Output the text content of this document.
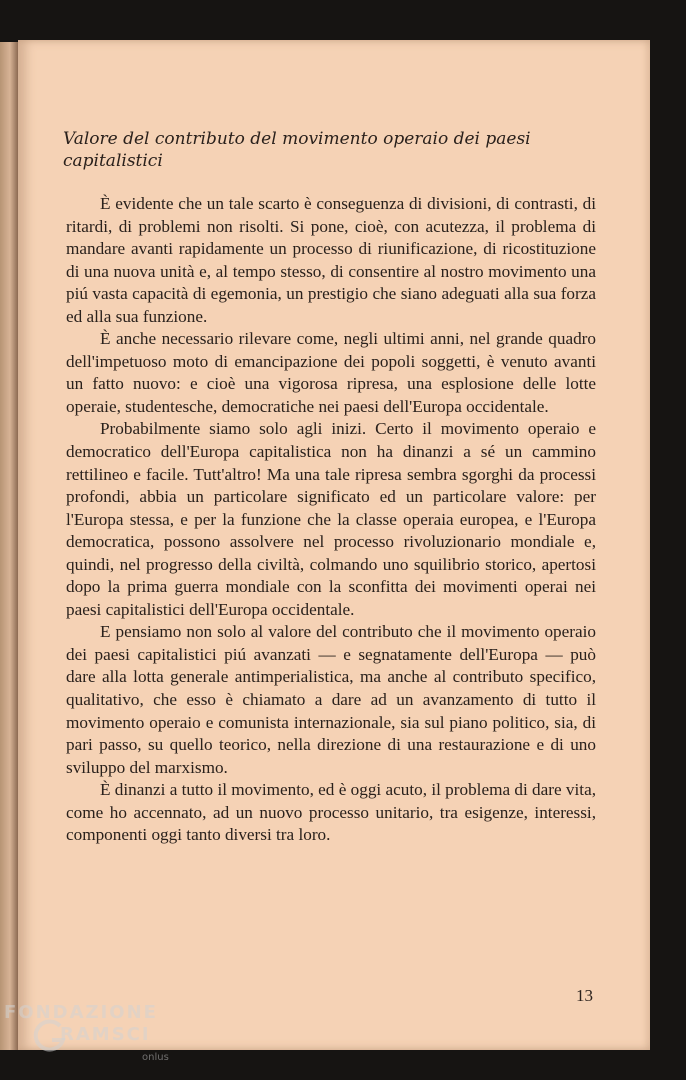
Valore del contributo del movimento operaio dei paesi capitalistici

È evidente che un tale scarto è conseguenza di divisioni, di contrasti, di ritardi, di problemi non risolti. Si pone, cioè, con acutezza, il problema di mandare avanti rapidamente un processo di riunificazione, di ricostituzione di una nuova unità e, al tempo stesso, di consentire al nostro movimento una piú vasta capacità di egemonia, un prestigio che siano adeguati alla sua forza ed alla sua funzione.

È anche necessario rilevare come, negli ultimi anni, nel grande quadro dell'impetuoso moto di emancipazione dei popoli soggetti, è venuto avanti un fatto nuovo: e cioè una vigorosa ripresa, una esplosione delle lotte operaie, studentesche, democratiche nei paesi dell'Europa occidentale.

Probabilmente siamo solo agli inizi. Certo il movimento operaio e democratico dell'Europa capitalistica non ha dinanzi a sé un cammino rettilineo e facile. Tutt'altro! Ma una tale ripresa sembra sgorghi da processi profondi, abbia un particolare significato ed un particolare valore: per l'Europa stessa, e per la funzione che la classe operaia europea, e l'Europa democratica, possono assolvere nel processo rivoluzionario mondiale e, quindi, nel progresso della civiltà, colmando uno squilibrio storico, apertosi dopo la prima guerra mondiale con la sconfitta dei movimenti operai nei paesi capitalistici dell'Europa occidentale.

E pensiamo non solo al valore del contributo che il movimento operaio dei paesi capitalistici piú avanzati — e segnatamente dell'Europa — può dare alla lotta generale antimperialistica, ma anche al contributo specifico, qualitativo, che esso è chiamato a dare ad un avanzamento di tutto il movimento operaio e comunista internazionale, sia sul piano politico, sia, di pari passo, su quello teorico, nella direzione di una restaurazione e di uno sviluppo del marxismo.

È dinanzi a tutto il movimento, ed è oggi acuto, il problema di dare vita, come ho accennato, ad un nuovo processo unitario, tra esigenze, interessi, componenti oggi tanto diversi tra loro.

13
FONDAZIONE
RAMSCI
onlus
